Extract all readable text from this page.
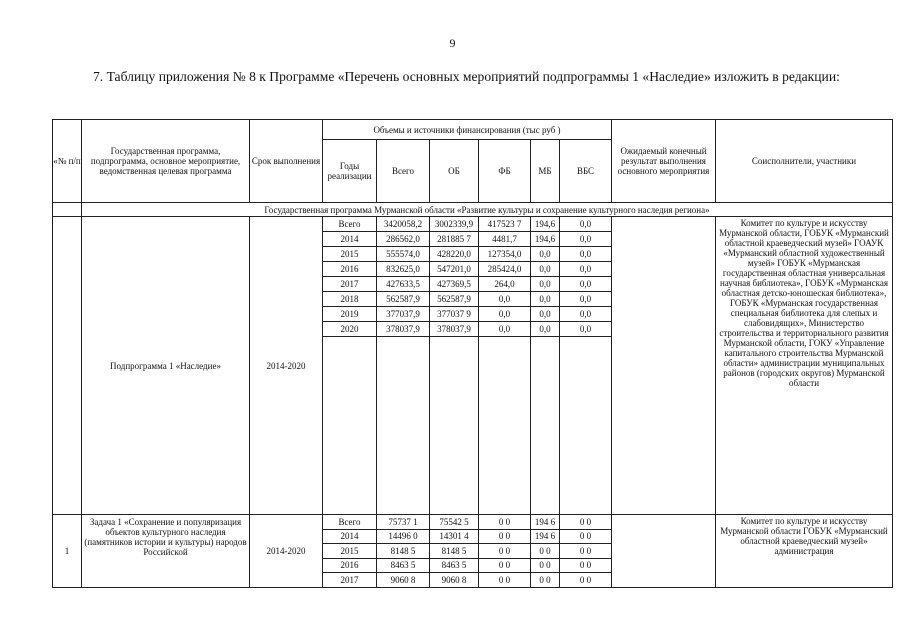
9
7. Таблицу приложения № 8 к Программе «Перечень основных мероприятий подпрограммы 1 «Наследие» изложить в редакции:
«№ п/п	Государственная программа, подпрограмма, основное мероприятие, ведомственная целевая программа	Срок выполнения	Объемы и источники финансирования (тыс руб )						Ожидаемый конечный результат выполнения основного мероприятия	Соисполнители, участники
			Годы реализации	Всего	ОБ	ФБ	МБ	ВБС		
	Государственная программа Мурманской области «Развитие культуры и сохранение культурного наследия региона»									
	Подпрограмма 1 «Наследие»	2014-2020	Всего	3420058,2	3002339,9	417523 7	194,6	0,0		Комитет по культуре и искусству Мурманской области, ГОБУК «Мурманский областной краеведческий музей» ГОАУК «Мурманский областной художественный музей» ГОБУК «Мурманская государственная областная универсальная научная библиотека», ГОБУК «Мурманская областная детско-юношеская библиотека», ГОБУК «Мурманская государственная специальная библиотека для слепых и слабовидящих», Министерство строительства и территориального развития Мурманской области, ГОКУ «Управление капитального строительства Мурманской области» администрации муниципальных районов (городских округов) Мурманской области
			2014	286562,0	281885 7	4481,7	194,6	0,0		
			2015	555574,0	428220,0	127354,0	0,0	0,0		
			2016	832625,0	547201,0	285424,0	0,0	0,0		
			2017	427633,5	427369,5	264,0	0,0	0,0		
			2018	562587,9	562587,9	0,0	0,0	0,0		
			2019	377037,9	377037 9	0,0	0,0	0,0		
			2020	378037,9	378037,9	0,0	0,0	0,0		

1	Задача 1 «Сохранение и популяризация объектов культурного наследия (памятников истории и культуры) народов Российской	2014-2020	Всего	75737 1	75542 5	0 0	194 6	0 0		Комитет по культуре и искусству Мурманской области ГОБУК «Мурманский областной краеведческий музей» администрация
			2014	14496 0	14301 4	0 0	194 6	0 0		
			2015	8148 5	8148 5	0 0	0 0	0 0		
			2016	8463 5	8463 5	0 0	0 0	0 0		
			2017	9060 8	9060 8	0 0	0 0	0 0		
